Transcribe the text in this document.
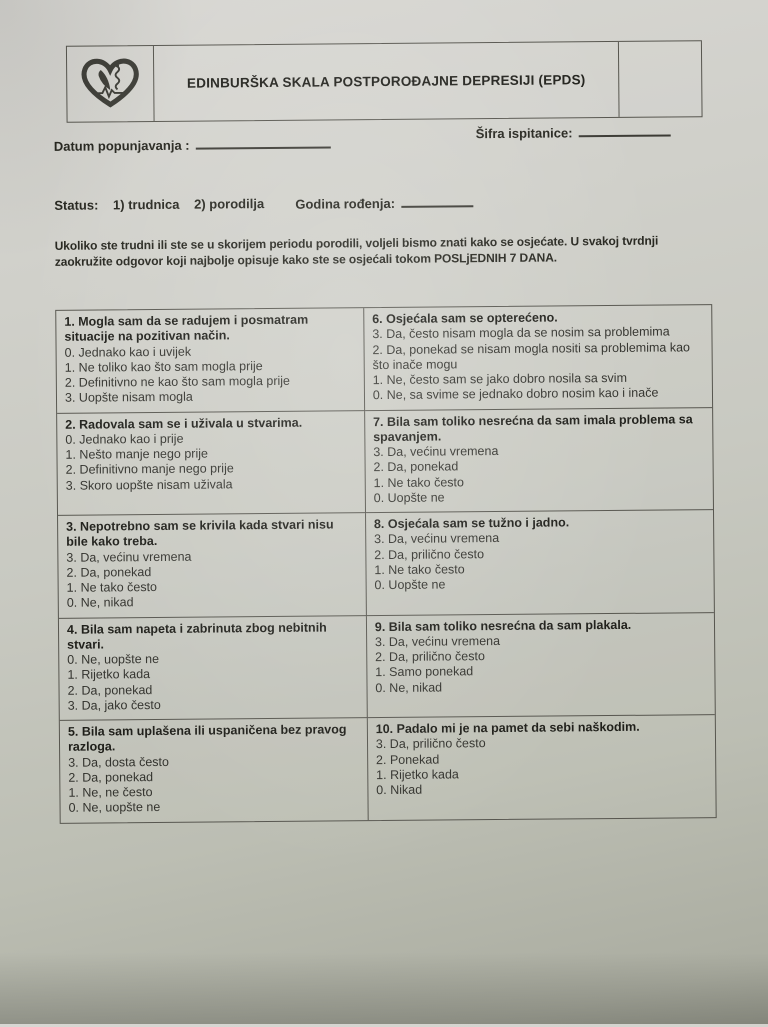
EDINBURŠKA SKALA POSTPOROĐAJNE DEPRESIJI (EPDS)
Datum popunjavanja :
Šifra ispitanice:
Status: 1) trudnica 2) porodilja Godina rođenja:
Ukoliko ste trudni ili ste se u skorijem periodu porodili, voljeli bismo znati kako se osjećate. U svakoj tvrdnji zaokružite odgovor koji najbolje opisuje kako ste se osjećali tokom POSLjEDNIH 7 DANA.
1. Mogla sam da se radujem i posmatram situacije na pozitivan način.
0. Jednako kao i uvijek
1. Ne toliko kao što sam mogla prije
2. Definitivno ne kao što sam mogla prije
3. Uopšte nisam mogla
6. Osjećala sam se opterećeno.
3. Da, često nisam mogla da se nosim sa problemima
2. Da, ponekad se nisam mogla nositi sa problemima kao što inače mogu
1. Ne, često sam se jako dobro nosila sa svim
0. Ne, sa svime se jednako dobro nosim kao i inače
2. Radovala sam se i uživala u stvarima.
0. Jednako kao i prije
1. Nešto manje nego prije
2. Definitivno manje nego prije
3. Skoro uopšte nisam uživala
7. Bila sam toliko nesrećna da sam imala problema sa spavanjem.
3. Da, većinu vremena
2. Da, ponekad
1. Ne tako često
0. Uopšte ne
3. Nepotrebno sam se krivila kada stvari nisu bile kako treba.
3. Da, većinu vremena
2. Da, ponekad
1. Ne tako često
0. Ne, nikad
8. Osjećala sam se tužno i jadno.
3. Da, većinu vremena
2. Da, prilično često
1. Ne tako često
0. Uopšte ne
4. Bila sam napeta i zabrinuta zbog nebitnih stvari.
0. Ne, uopšte ne
1. Rijetko kada
2. Da, ponekad
3. Da, jako često
9. Bila sam toliko nesrećna da sam plakala.
3. Da, većinu vremena
2. Da, prilično često
1. Samo ponekad
0. Ne, nikad
5. Bila sam uplašena ili uspaničena bez pravog razloga.
3. Da, dosta često
2. Da, ponekad
1. Ne, ne često
0. Ne, uopšte ne
10. Padalo mi je na pamet da sebi naškodim.
3. Da, prilično često
2. Ponekad
1. Rijetko kada
0. Nikad
